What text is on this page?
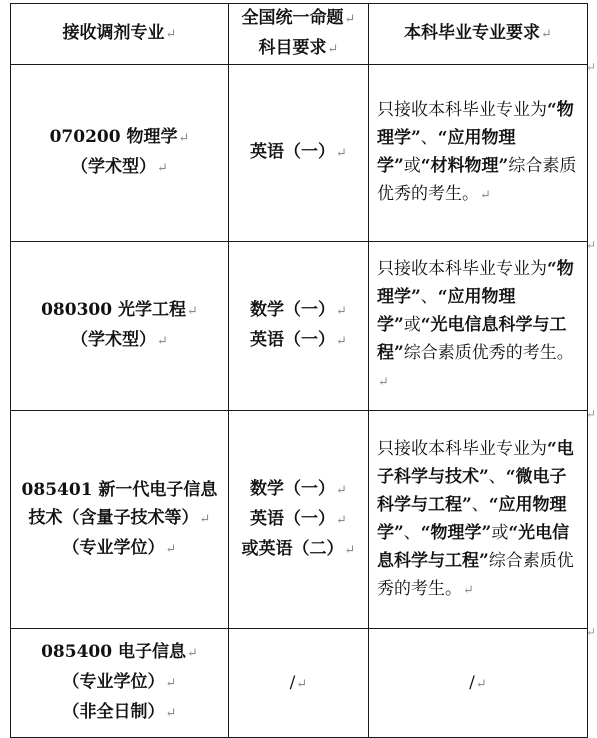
接收调剂专业↵	全国统一命题↵
科目要求↵	本科毕业专业要求↵
070200 物理学↵
（学术型）↵	英语（一）↵	只接收本科毕业专业为“物理学”、“应用物理学”或“材料物理”综合素质优秀的考生。↵
080300 光学工程↵
（学术型）↵	数学（一）↵
英语（一）↵	只接收本科毕业专业为“物理学”、“应用物理学”或“光电信息科学与工程”综合素质优秀的考生。↵
085401 新一代电子信息
技术（含量子技术等）↵
（专业学位）↵	数学（一）↵
英语（一）↵
或英语（二）↵	只接收本科毕业专业为“电子科学与技术”、“微电子科学与工程”、“应用物理学”、“物理学”或“光电信息科学与工程”综合素质优秀的考生。↵
085400 电子信息↵
（专业学位）↵
（非全日制）↵	/↵	/↵
↵
↵
↵
↵
